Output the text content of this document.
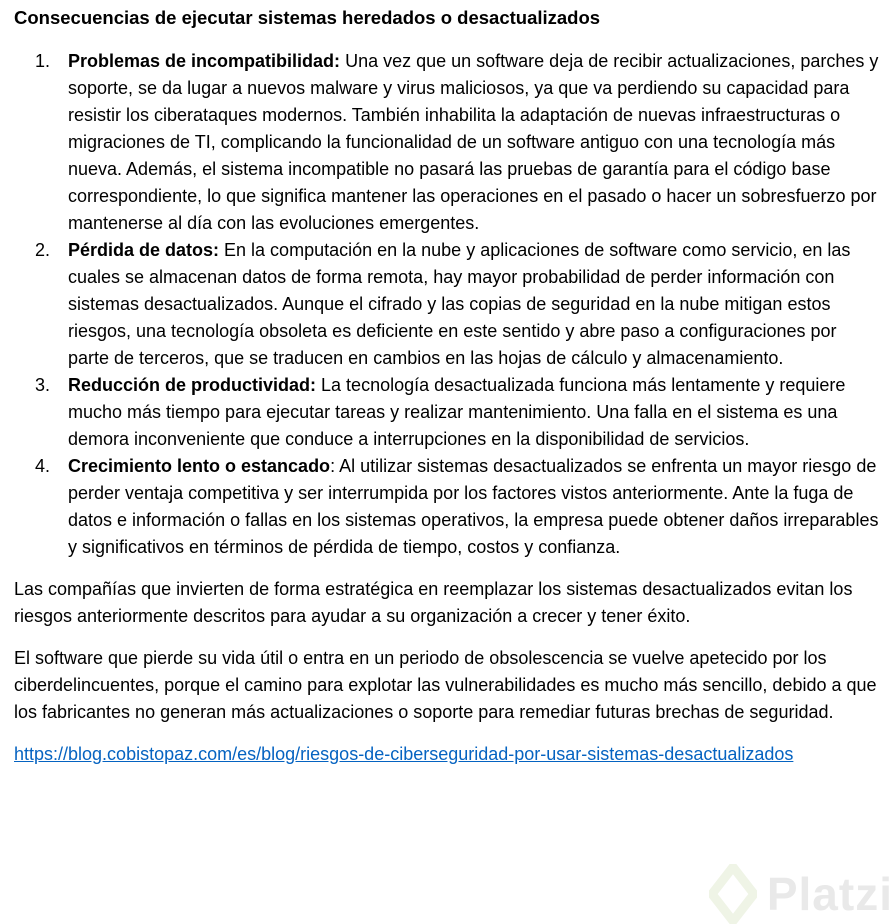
Platzi
Consecuencias de ejecutar sistemas heredados o desactualizados
1. Problemas de incompatibilidad: Una vez que un software deja de recibir actualizaciones, parches y soporte, se da lugar a nuevos malware y virus maliciosos, ya que va perdiendo su capacidad para resistir los ciberataques modernos. También inhabilita la adaptación de nuevas infraestructuras o migraciones de TI, complicando la funcionalidad de un software antiguo con una tecnología más nueva. Además, el sistema incompatible no pasará las pruebas de garantía para el código base correspondiente, lo que significa mantener las operaciones en el pasado o hacer un sobresfuerzo por mantenerse al día con las evoluciones emergentes.
2. Pérdida de datos: En la computación en la nube y aplicaciones de software como servicio, en las cuales se almacenan datos de forma remota, hay mayor probabilidad de perder información con sistemas desactualizados. Aunque el cifrado y las copias de seguridad en la nube mitigan estos riesgos, una tecnología obsoleta es deficiente en este sentido y abre paso a configuraciones por parte de terceros, que se traducen en cambios en las hojas de cálculo y almacenamiento.
3. Reducción de productividad: La tecnología desactualizada funciona más lentamente y requiere mucho más tiempo para ejecutar tareas y realizar mantenimiento. Una falla en el sistema es una demora inconveniente que conduce a interrupciones en la disponibilidad de servicios.
4. Crecimiento lento o estancado: Al utilizar sistemas desactualizados se enfrenta un mayor riesgo de perder ventaja competitiva y ser interrumpida por los factores vistos anteriormente. Ante la fuga de datos e información o fallas en los sistemas operativos, la empresa puede obtener daños irreparables y significativos en términos de pérdida de tiempo, costos y confianza.

Las compañías que invierten de forma estratégica en reemplazar los sistemas desactualizados evitan los riesgos anteriormente descritos para ayudar a su organización a crecer y tener éxito.

El software que pierde su vida útil o entra en un periodo de obsolescencia se vuelve apetecido por los ciberdelincuentes, porque el camino para explotar las vulnerabilidades es mucho más sencillo, debido a que los fabricantes no generan más actualizaciones o soporte para remediar futuras brechas de seguridad.

https://blog.cobistopaz.com/es/blog/riesgos-de-ciberseguridad-por-usar-sistemas-desactualizados
